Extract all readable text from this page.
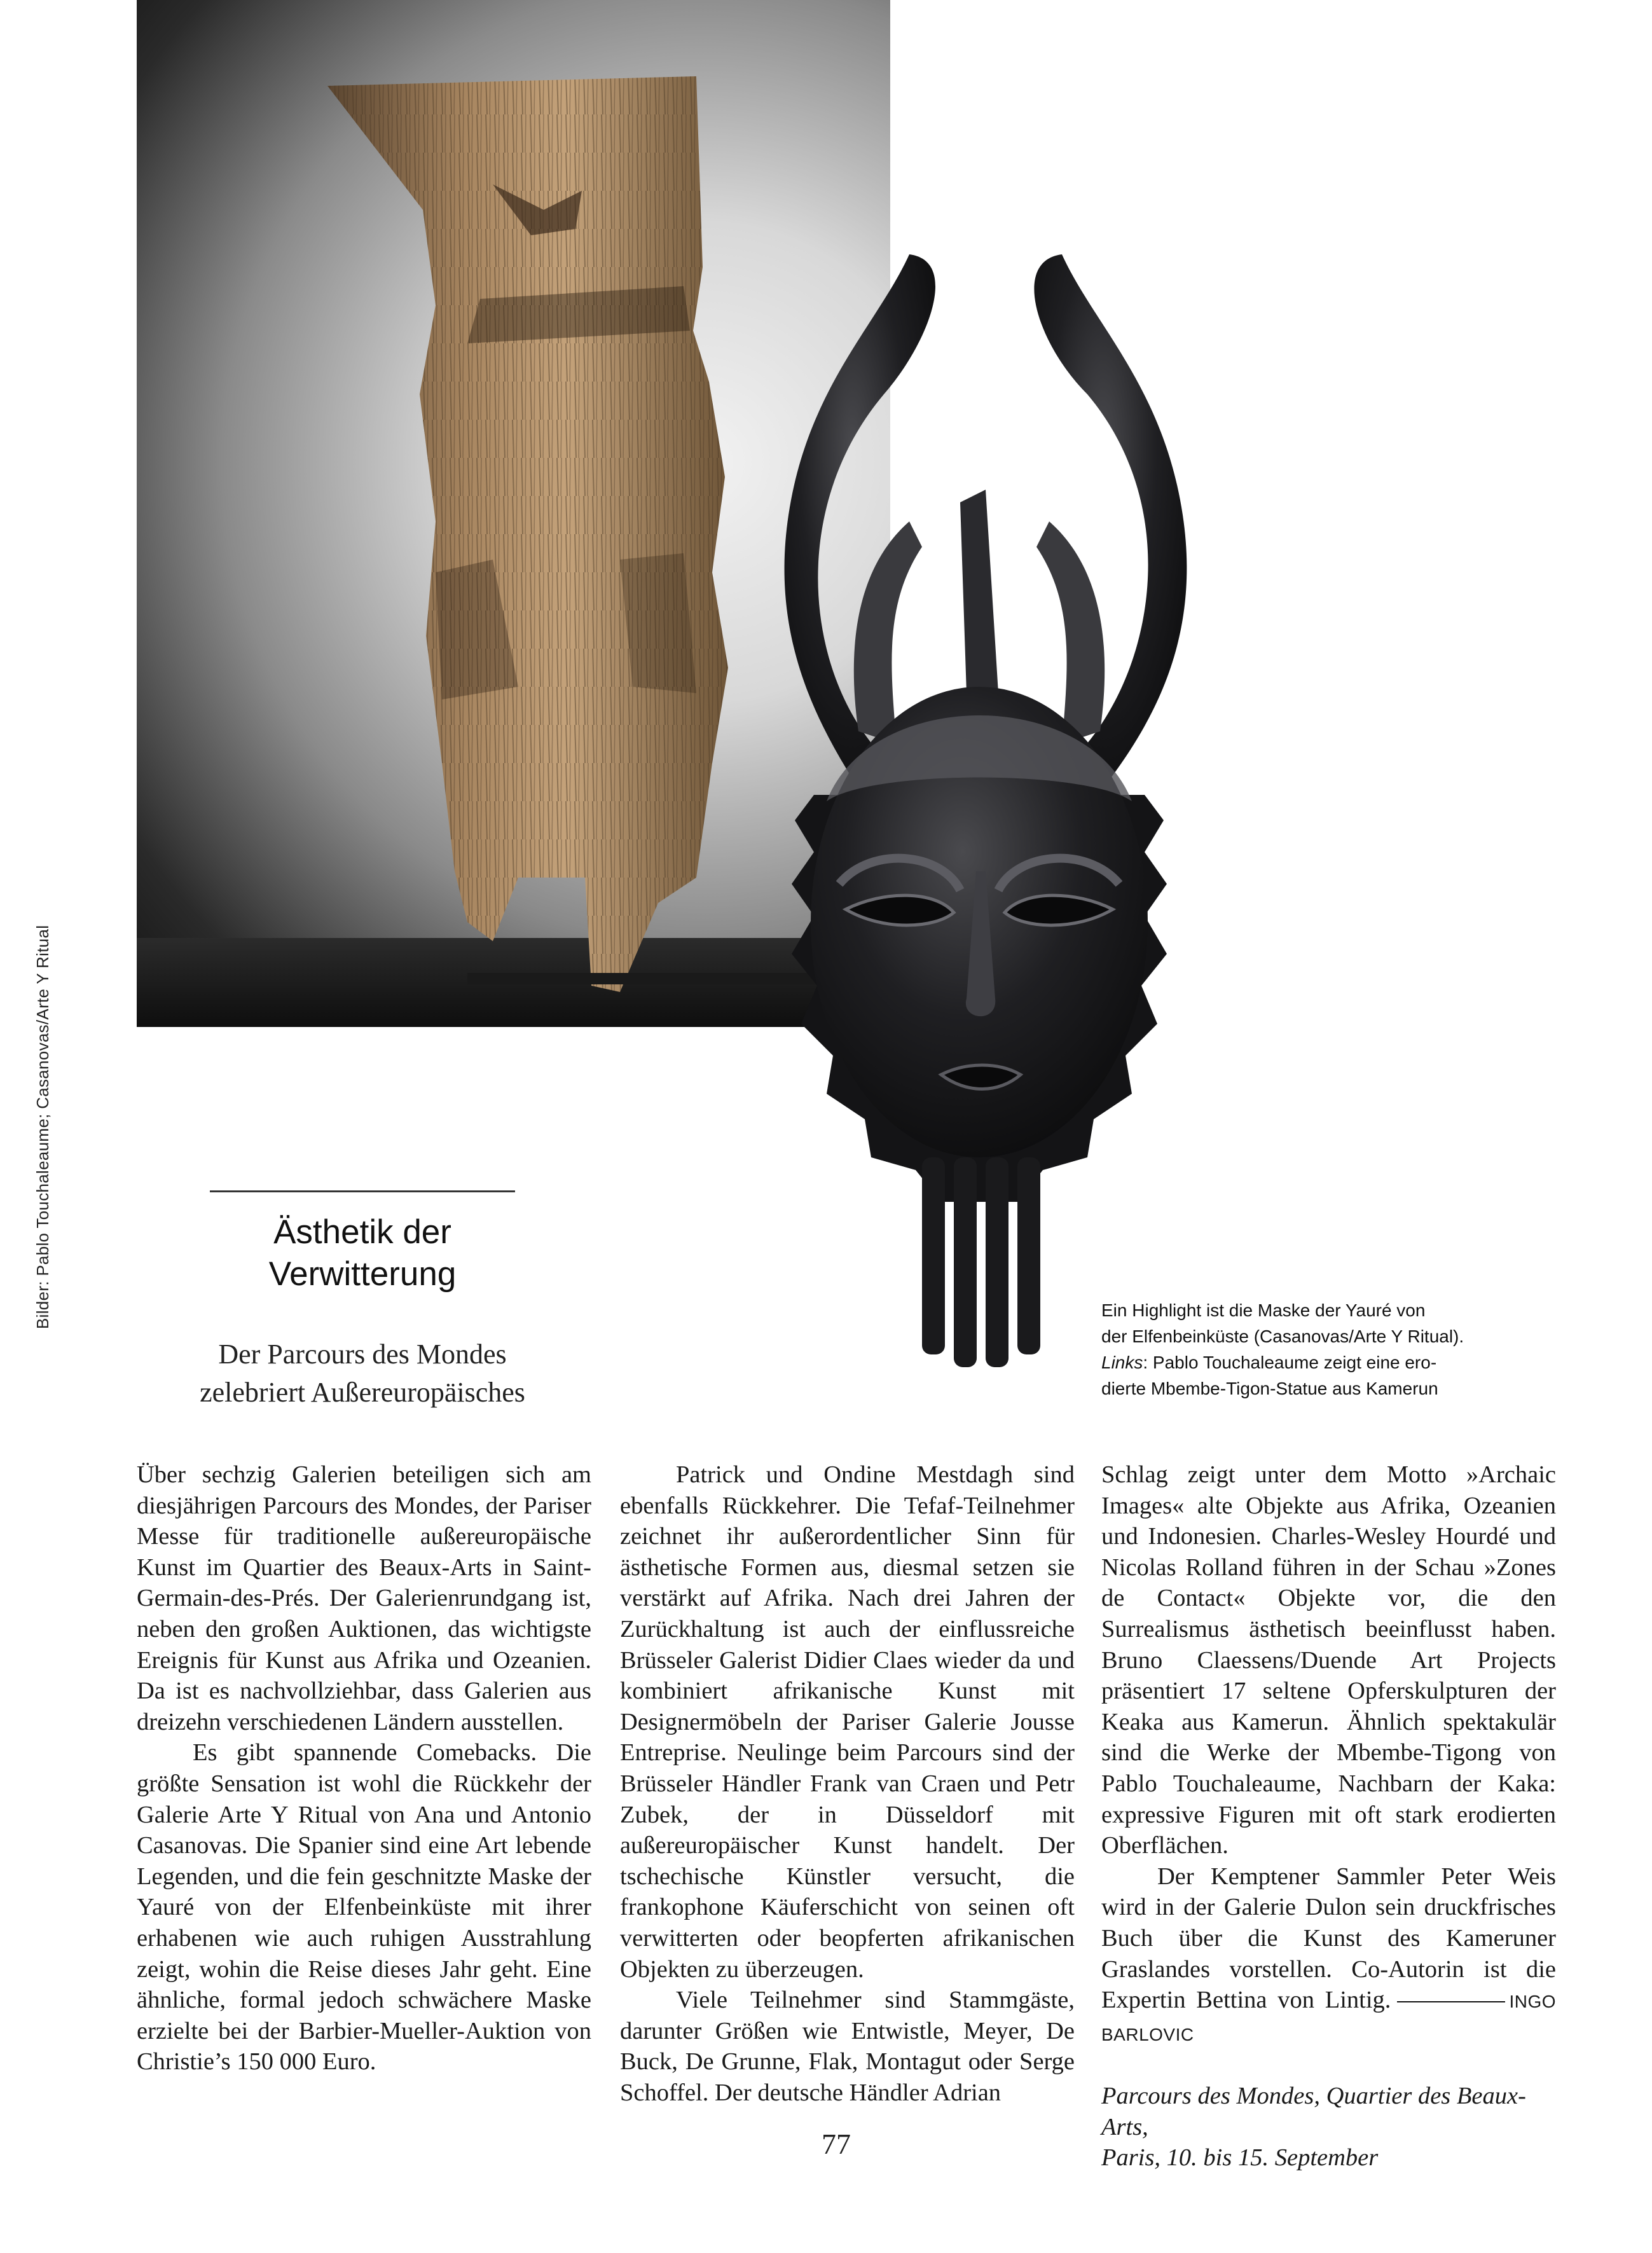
Bilder: Pablo Touchaleaume; Casanovas/Arte Y Ritual	Ästhetik der
Verwitterung
Der Parcours des Mondes
zelebriert Außereuropäisches
Ein Highlight ist die Maske der Yauré von
der Elfenbeinküste (Casanovas/Arte Y Ritual).
Links: Pablo Touchaleaume zeigt eine ero-
dierte Mbembe-Tigon-Statue aus Kamerun

Über sechzig Galerien beteiligen sich am diesjährigen Parcours des Mondes, der Pariser Messe für traditionelle außereuropäische Kunst im Quartier des Beaux-Arts in Saint-Germain-des-Prés. Der Galerienrundgang ist, neben den großen Auktionen, das wichtigste Ereignis für Kunst aus Afrika und Ozeanien. Da ist es nachvollziehbar, dass Galerien aus dreizehn verschiedenen Ländern ausstellen.

Es gibt spannende Comebacks. Die größte Sensation ist wohl die Rückkehr der Galerie Arte Y Ritual von Ana und Antonio Casanovas. Die Spanier sind eine Art lebende Legenden, und die fein geschnitzte Maske der Yauré von der Elfenbeinküste mit ihrer erhabenen wie auch ruhigen Ausstrahlung zeigt, wohin die Reise dieses Jahr geht. Eine ähnliche, formal jedoch schwächere Maske erzielte bei der Barbier-Mueller-Auktion von Christie’s 150 000 Euro.

Patrick und Ondine Mestdagh sind ebenfalls Rückkehrer. Die Tefaf-Teilnehmer zeichnet ihr außerordentlicher Sinn für ästhetische Formen aus, diesmal setzen sie verstärkt auf Afrika. Nach drei Jahren der Zurückhaltung ist auch der einflussreiche Brüsseler Galerist Didier Claes wieder da und kombiniert afrikanische Kunst mit Designermöbeln der Pariser Galerie Jousse Entreprise. Neulinge beim Parcours sind der Brüsseler Händler Frank van Craen und Petr Zubek, der in Düsseldorf mit außereuropäischer Kunst handelt. Der tschechische Künstler versucht, die frankophone Käuferschicht von seinen oft verwitterten oder beopferten afrikanischen Objekten zu überzeugen.

Viele Teilnehmer sind Stammgäste, darunter Größen wie Entwistle, Meyer, De Buck, De Grunne, Flak, Montagut oder Serge Schoffel. Der deutsche Händler Adrian

Schlag zeigt unter dem Motto »Archaic Images« alte Objekte aus Afrika, Ozeanien und Indonesien. Charles-Wesley Hourdé und Nicolas Rolland führen in der Schau »Zones de Contact« Objekte vor, die den Surrealismus ästhetisch beeinflusst haben. Bruno Claessens/Duende Art Projects präsentiert 17 seltene Opferskulpturen der Keaka aus Kamerun. Ähnlich spektakulär sind die Werke der Mbembe-Tigong von Pablo Touchaleaume, Nachbarn der Kaka: expressive Figuren mit oft stark erodierten Oberflächen.

Der Kemptener Sammler Peter Weis wird in der Galerie Dulon sein druckfrisches Buch über die Kunst des Kameruner Graslandes vorstellen. Co-Autorin ist die Expertin Bettina von Lintig.	INGO BARLOVIC

Parcours des Mondes, Quartier des Beaux-Arts,
Paris, 10. bis 15. September

77
